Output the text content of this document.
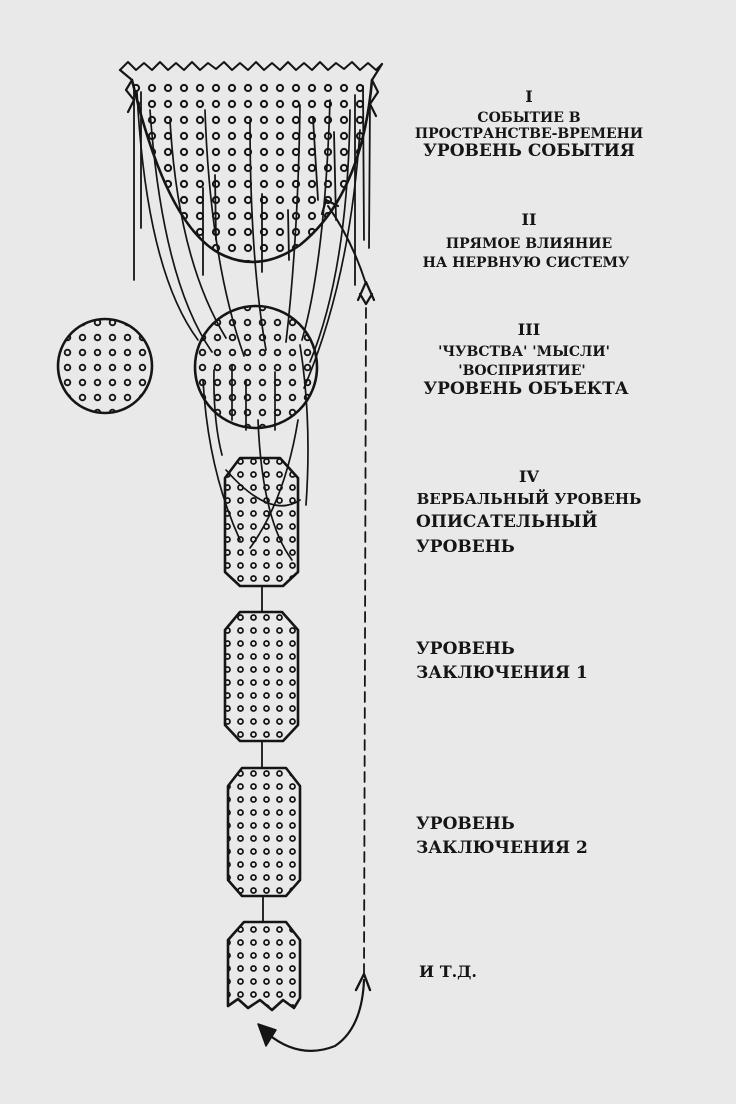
I
СОБЫТИЕ В
ПРОСТРАНСТВЕ-ВРЕМЕНИ
УРОВЕНЬ СОБЫТИЯ
II
ПРЯМОЕ ВЛИЯНИЕ
НА НЕРВНУЮ СИСТЕМУ
III
'ЧУВСТВА' 'МЫСЛИ'
'ВОСПРИЯТИЕ'
УРОВЕНЬ ОБЪЕКТА
IV
ВЕРБАЛЬНЫЙ УРОВЕНЬ
ОПИСАТЕЛЬНЫЙ
УРОВЕНЬ
УРОВЕНЬ
ЗАКЛЮЧЕНИЯ 1
УРОВЕНЬ
ЗАКЛЮЧЕНИЯ 2
И Т.Д.
